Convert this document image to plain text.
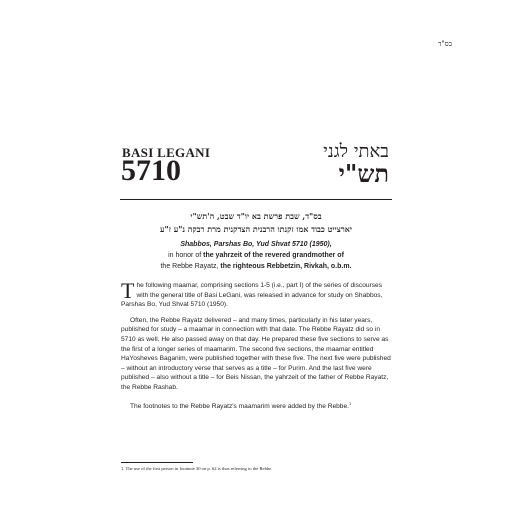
בס"ד
BASI LEGANI
5710
באתי לגני
תש"י
בס"ד, שבת פרשת בא יו"ד שבט, ה'תש"י
יארצייט כבוד אמו זקנתו הרבנית הצדקנית מרת רבקה נ"ע ז"ע
Shabbos, Parshas Bo, Yud Shvat 5710 (1950),
in honor of the yahrzeit of the revered grandmother of
the Rebbe Rayatz, the righteous Rebbetzin, Rivkah, o.b.m.

The following maamar, comprising sections 1-5 (i.e., part I) of the series of discourses with the general title of Basi LeGani, was released in advance for study on Shabbos, Parshas Bo, Yud Shvat 5710 (1950).

Often, the Rebbe Rayatz delivered – and many times, particularly in his later years, published for study – a maamar in connection with that date. The Rebbe Rayatz did so in 5710 as well. He also passed away on that day. He prepared these five sections to serve as the first of a longer series of maamarim. The second five sections, the maamar entitled HaYosheves Baganim, were published together with these five. The next five were published – without an introductory verse that serves as a title – for Purim. And the last five were published – also without a title – for Beis Nissan, the yahrzeit of the father of Rebbe Rayatz, the Rebbe Rashab.

The footnotes to the Rebbe Rayatz's maamarim were added by the Rebbe.$^1$

1. The use of the first person in footnote 30 on p. 62 is thus referring to the Rebbe.
